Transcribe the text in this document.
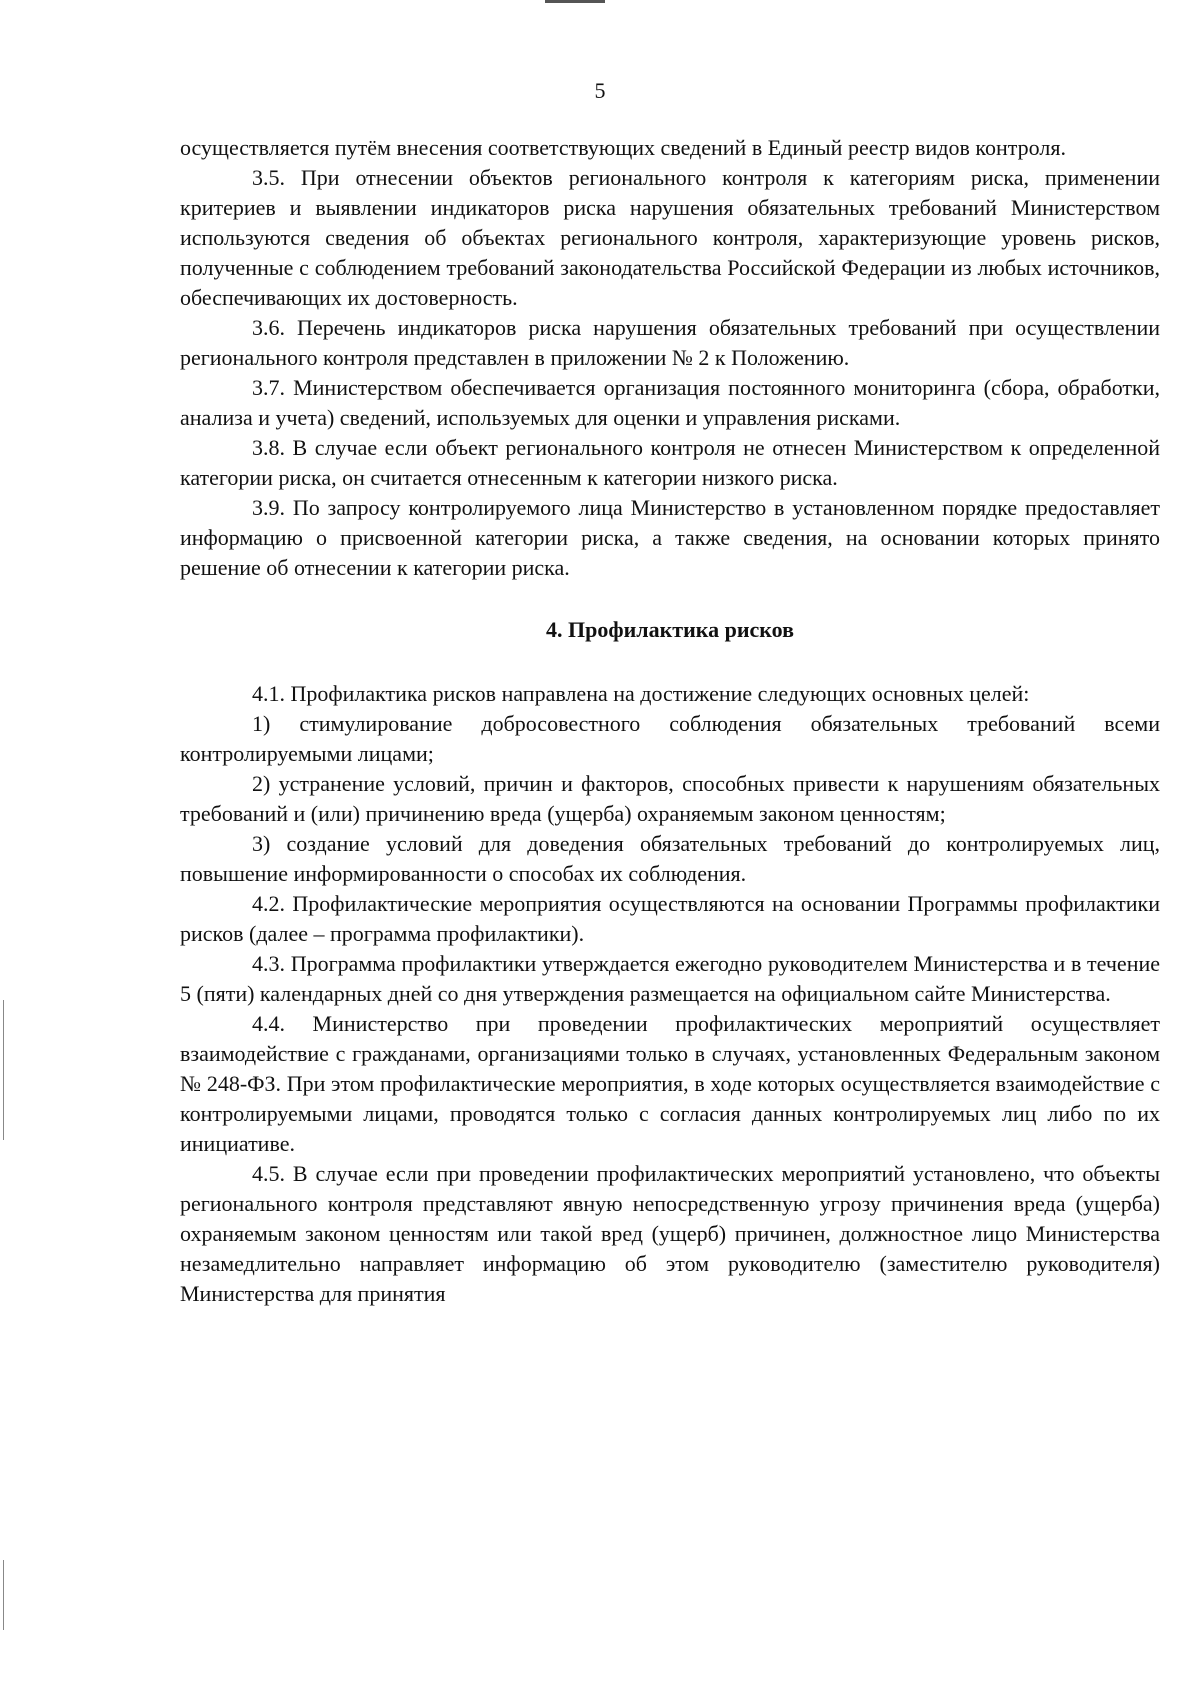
5

осуществляется путём внесения соответствующих сведений в Единый реестр видов контроля.

3.5. При отнесении объектов регионального контроля к категориям риска, применении критериев и выявлении индикаторов риска нарушения обязательных требований Министерством используются сведения об объектах регионального контроля, характеризующие уровень рисков, полученные с соблюдением требований законодательства Российской Федерации из любых источников, обеспечивающих их достоверность.

3.6. Перечень индикаторов риска нарушения обязательных требований при осуществлении регионального контроля представлен в приложении № 2 к Положению.

3.7. Министерством обеспечивается организация постоянного мониторинга (сбора, обработки, анализа и учета) сведений, используемых для оценки и управления рисками.

3.8. В случае если объект регионального контроля не отнесен Министерством к определенной категории риска, он считается отнесенным к категории низкого риска.

3.9. По запросу контролируемого лица Министерство в установленном порядке предоставляет информацию о присвоенной категории риска, а также сведения, на основании которых принято решение об отнесении к категории риска.

4. Профилактика рисков

4.1. Профилактика рисков направлена на достижение следующих основных целей:

1) стимулирование добросовестного соблюдения обязательных требований всеми контролируемыми лицами;

2) устранение условий, причин и факторов, способных привести к нарушениям обязательных требований и (или) причинению вреда (ущерба) охраняемым законом ценностям;

3) создание условий для доведения обязательных требований до контролируемых лиц, повышение информированности о способах их соблюдения.

4.2. Профилактические мероприятия осуществляются на основании Программы профилактики рисков (далее – программа профилактики).

4.3. Программа профилактики утверждается ежегодно руководителем Министерства и в течение 5 (пяти) календарных дней со дня утверждения размещается на официальном сайте Министерства.

4.4. Министерство при проведении профилактических мероприятий осуществляет взаимодействие с гражданами, организациями только в случаях, установленных Федеральным законом № 248-ФЗ. При этом профилактические мероприятия, в ходе которых осуществляется взаимодействие с контролируемыми лицами, проводятся только с согласия данных контролируемых лиц либо по их инициативе.

4.5. В случае если при проведении профилактических мероприятий установлено, что объекты регионального контроля представляют явную непосредственную угрозу причинения вреда (ущерба) охраняемым законом ценностям или такой вред (ущерб) причинен, должностное лицо Министерства незамедлительно направляет информацию об этом руководителю (заместителю руководителя) Министерства для принятия
